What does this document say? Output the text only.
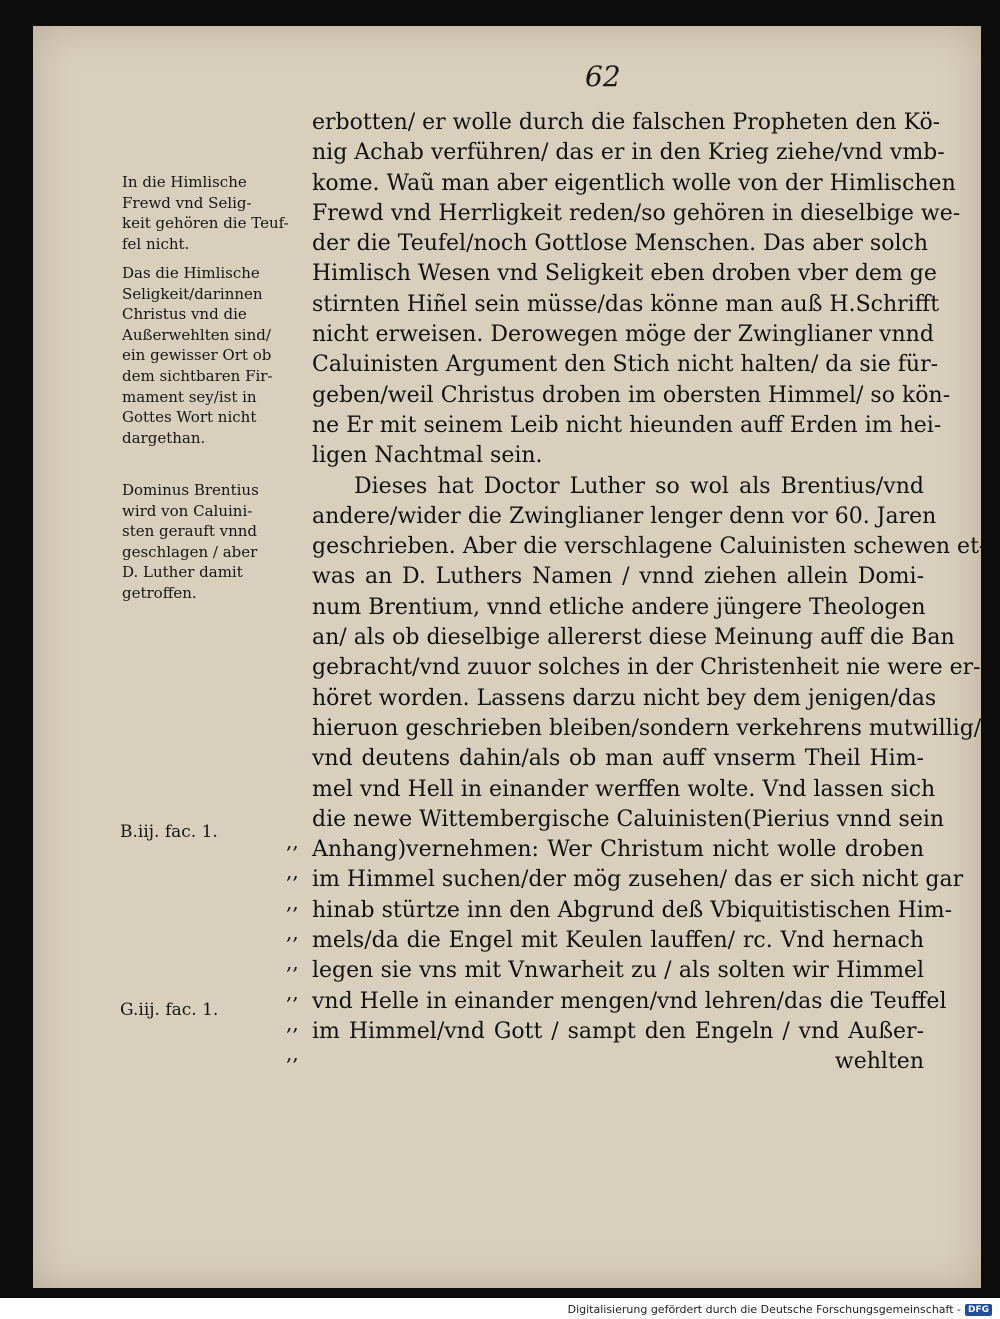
62
erbotten/ er wolle durch die falschen Propheten den Kö-
nig Achab verführen/ das er in den Krieg ziehe/vnd vmb-
kome. Waũ man aber eigentlich wolle von der Himlischen
Frewd vnd Herrligkeit reden/so gehören in dieselbige we-
der die Teufel/noch Gottlose Menschen. Das aber solch
Himlisch Wesen vnd Seligkeit eben droben vber dem ge
stirnten Hiñel sein müsse/das könne man auß H.Schrifft
nicht erweisen. Derowegen möge der Zwinglianer vnnd
Caluinisten Argument den Stich nicht halten/ da sie für-
geben/weil Christus droben im obersten Himmel/ so kön-
ne Er mit seinem Leib nicht hieunden auff Erden im hei-
ligen Nachtmal sein.
Dieses hat Doctor Luther so wol als Brentius/vnd
andere/wider die Zwinglianer lenger denn vor 60. Jaren
geschrieben. Aber die verschlagene Caluinisten schewen et-
was an D. Luthers Namen / vnnd ziehen allein Domi-
num Brentium, vnnd etliche andere jüngere Theologen
an/ als ob dieselbige allererst diese Meinung auff die Ban
gebracht/vnd zuuor solches in der Christenheit nie were er-
höret worden. Lassens darzu nicht bey dem jenigen/das
hieruon geschrieben bleiben/sondern verkehrens mutwillig/
vnd deutens dahin/als ob man auff vnserm Theil Him-
mel vnd Hell in einander werffen wolte. Vnd lassen sich
die newe Wittembergische Caluinisten(Pierius vnnd sein
Anhang)vernehmen: Wer Christum nicht wolle droben
im Himmel suchen/der mög zusehen/ das er sich nicht gar
hinab stürtze inn den Abgrund deß Vbiquitistischen Him-
mels/da die Engel mit Keulen lauffen/ rc. Vnd hernach
legen sie vns mit Vnwarheit zu / als solten wir Himmel
vnd Helle in einander mengen/vnd lehren/das die Teuffel
im Himmel/vnd Gott / sampt den Engeln / vnd Außer-
wehlten
In die Himlische
Frewd vnd Selig-
keit gehören die Teuf-
fel nicht.
Das die Himlische
Seligkeit/darinnen
Christus vnd die
Außerwehlten sind/
ein gewisser Ort ob
dem sichtbaren Fir-
mament sey/ist in
Gottes Wort nicht
dargethan.
Dominus Brentius
wird von Caluini-
sten gerauft vnnd
geschlagen / aber
D. Luther damit
getroffen.
B.iij. fac. 1.
G.iij. fac. 1.
,,
,,
,,
,,
,,
,,
,,
,,
Digitalisierung gefördert durch die Deutsche Forschungsgemeinschaft - DFG
